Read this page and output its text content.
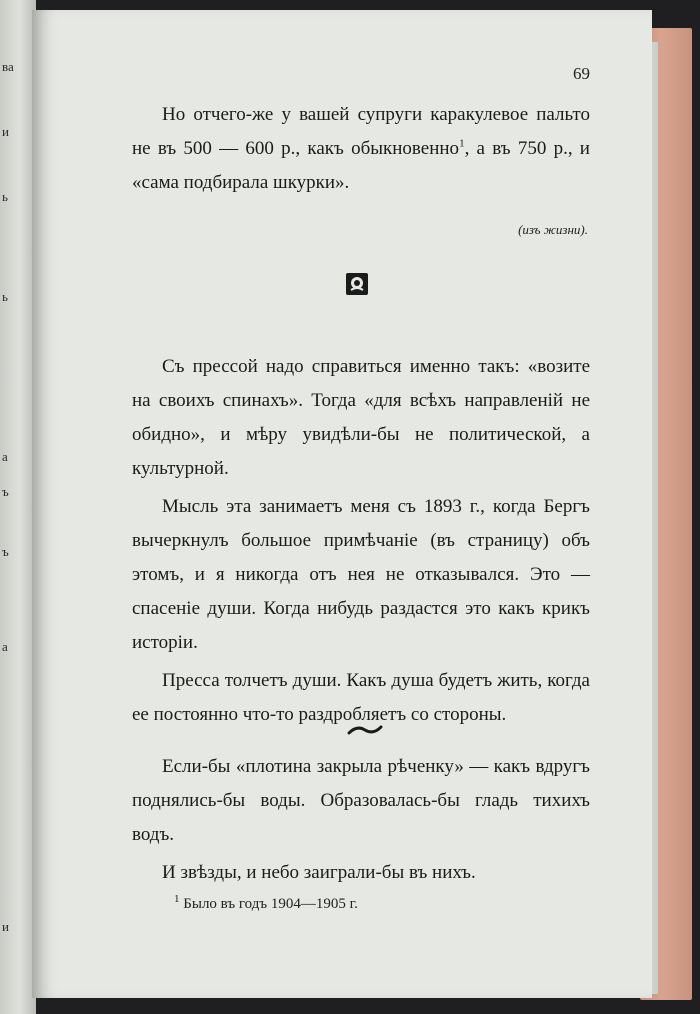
ва
и
ь
ь
а
ъ
ъ
а
и
69

Но отчего-же у вашей супруги каракулевое пальто не въ 500 — 600 р., какъ обыкновенно$^1$, а въ 750 р., и «сама подбирала шкурки».

(изъ жизни).

Съ прессой надо справиться именно такъ: «возите на своихъ спинахъ». Тогда «для всѣхъ направленій не обидно», и мѣру увидѣли-бы не политической, а культурной.

Мысль эта занимаетъ меня съ 1893 г., когда Бергъ вычеркнулъ большое примѣчаніе (въ страницу) объ этомъ, и я никогда отъ нея не отказывался. Это — спасеніе души. Когда нибудь раздастся это какъ крикъ исторіи.

Пресса толчетъ души. Какъ душа будетъ жить, когда ее постоянно что-то раздробляетъ со стороны.

Если-бы «плотина закрыла рѣченку» — какъ вдругъ поднялись-бы воды. Образовалась-бы гладь тихихъ водъ.

И звѣзды, и небо заиграли-бы въ нихъ.

$^1$ Было въ годъ 1904—1905 г.
